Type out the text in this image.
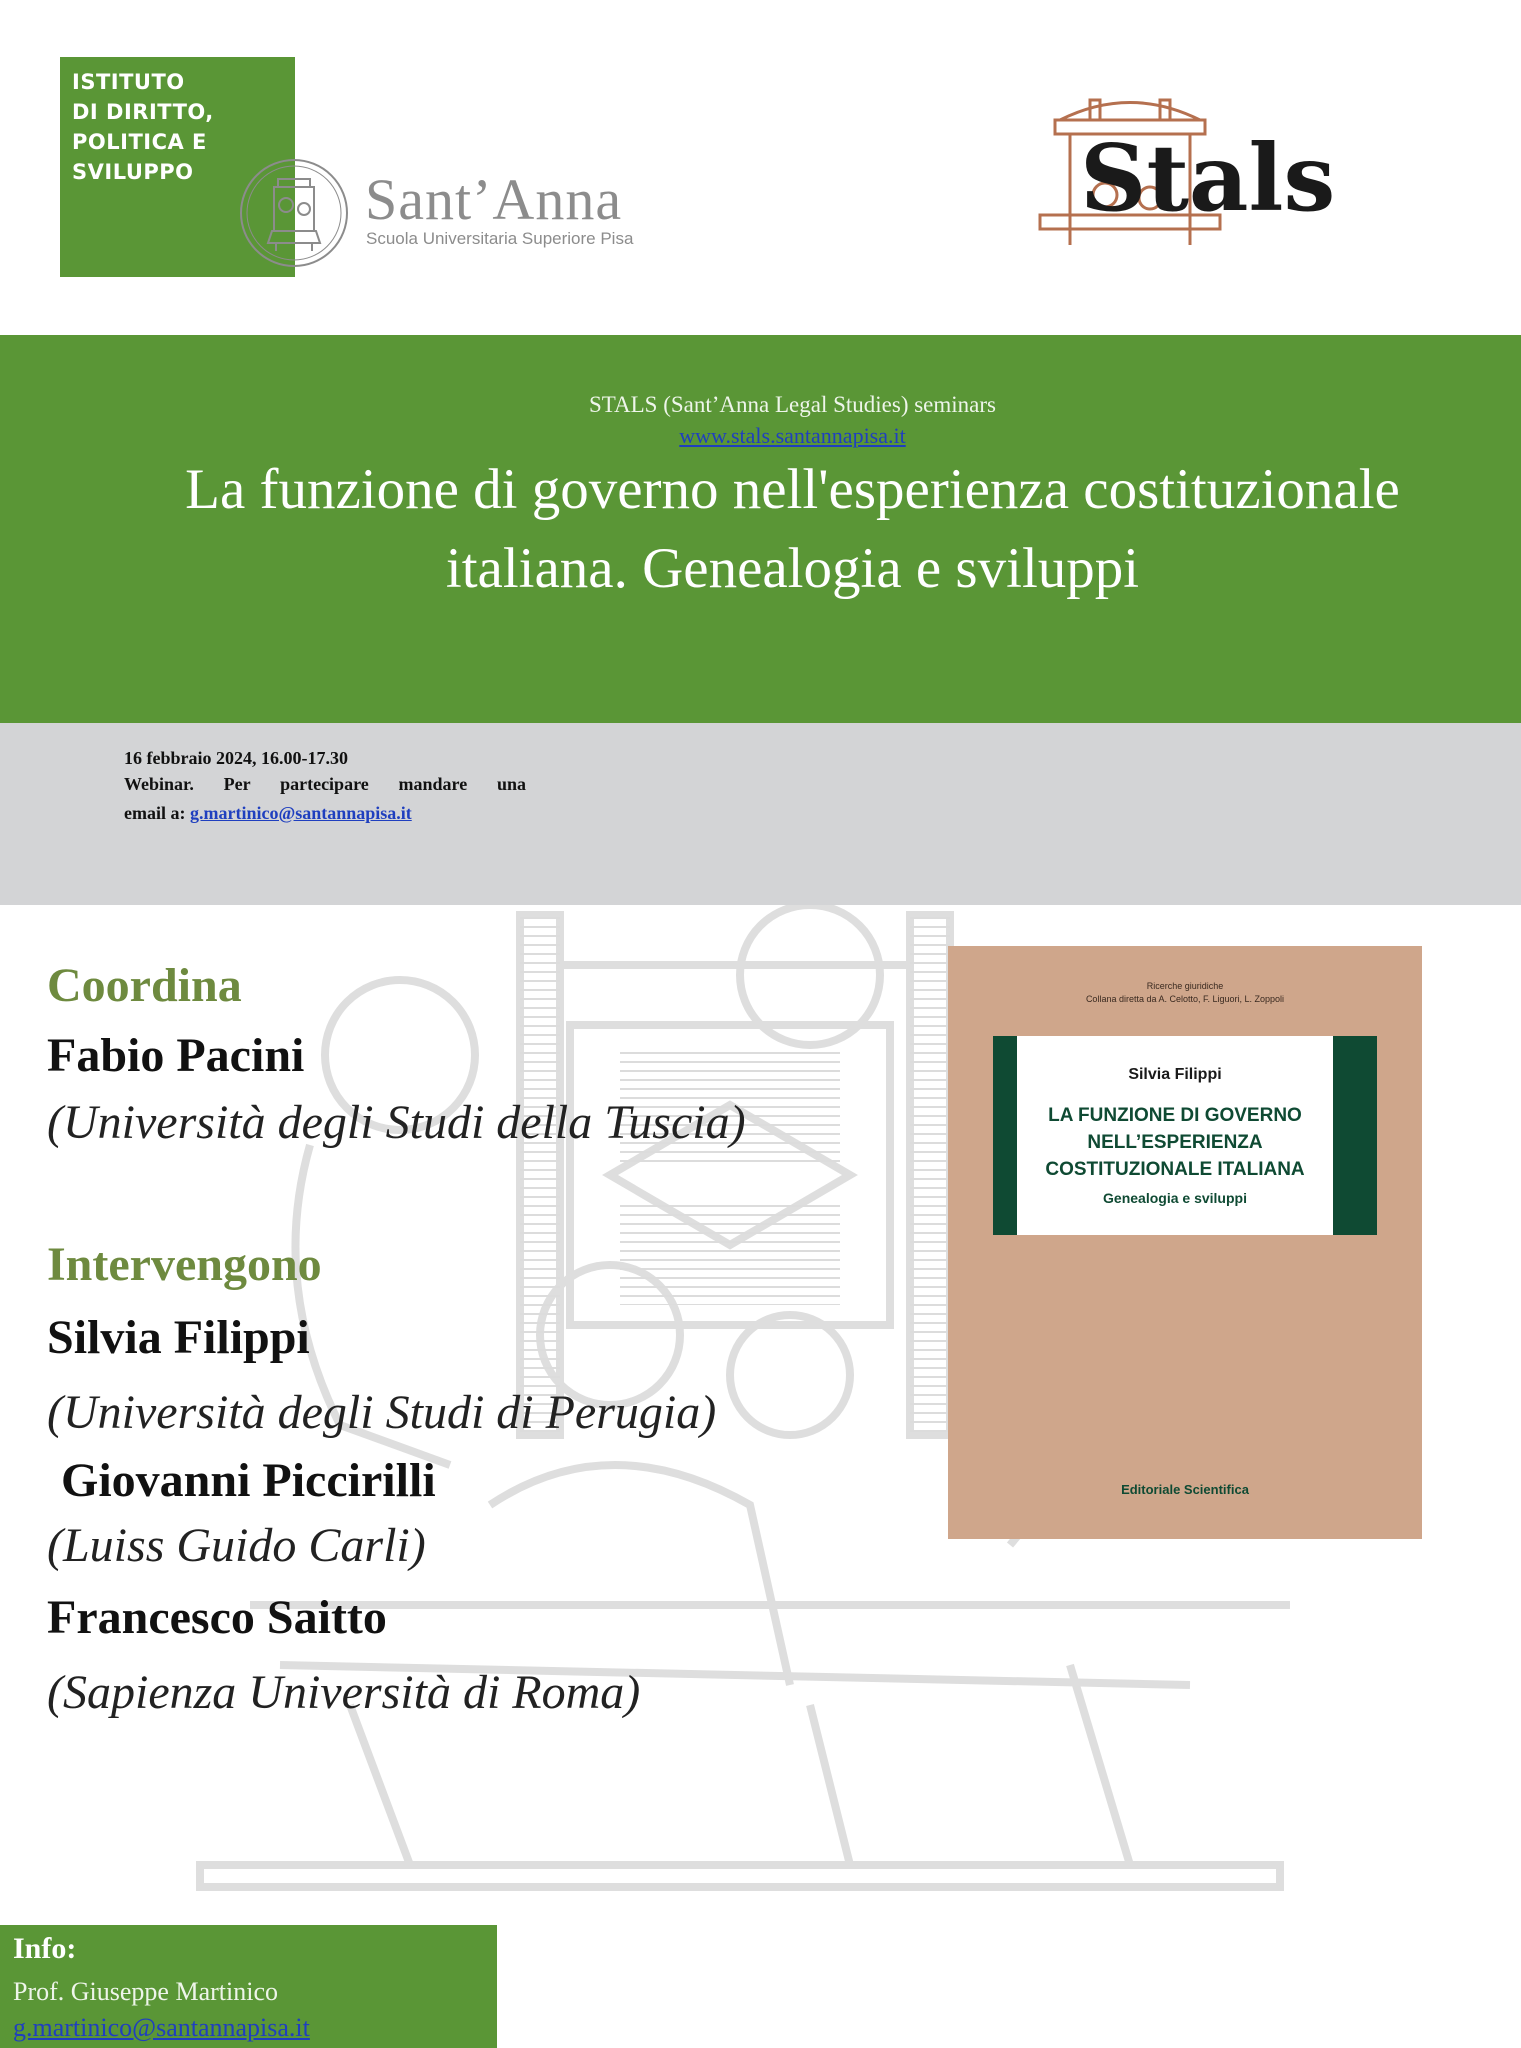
ISTITUTO
DI DIRITTO,
POLITICA E
SVILUPPO	Sant’Anna
Scuola Universitaria Superiore Pisa
Stals
STALS (Sant’Anna Legal Studies) seminars
www.stals.santannapisa.it
La funzione di governo nell'esperienza costituzionale italiana. Genealogia e sviluppi
16 febbraio 2024, 16.00-17.30
Webinar. Per partecipare mandare una
email a: g.martinico@santannapisa.it
Coordina
Fabio Pacini
(Università degli Studi della Tuscia)
Intervengono
Silvia Filippi
(Università degli Studi di Perugia)
Giovanni Piccirilli
(Luiss Guido Carli)
Francesco Saitto
(Sapienza Università di Roma)
Ricerche giuridiche
Collana diretta da A. Celotto, F. Liguori, L. Zoppoli
Silvia Filippi
LA FUNZIONE DI GOVERNO
NELL’ESPERIENZA
COSTITUZIONALE ITALIANA
Genealogia e sviluppi
Editoriale Scientifica
Info:
Prof. Giuseppe Martinico
g.martinico@santannapisa.it
